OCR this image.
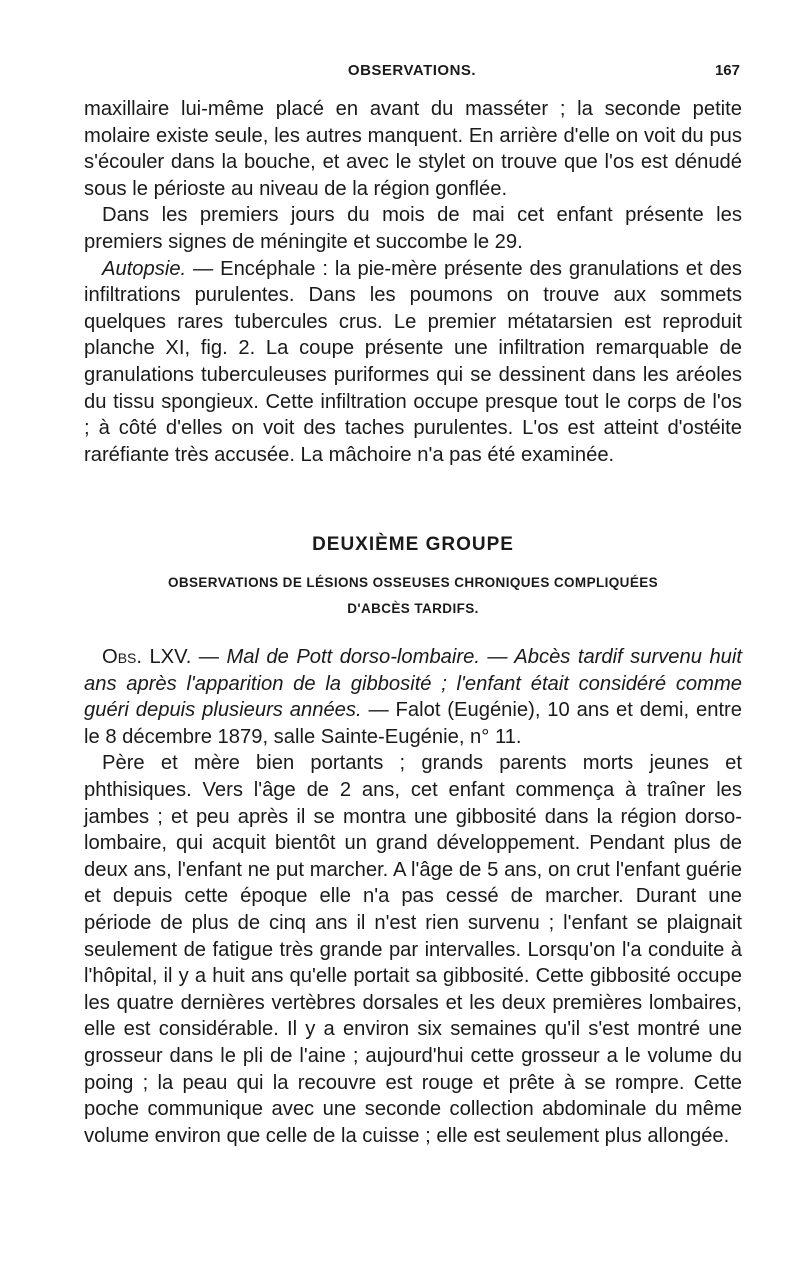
OBSERVATIONS.	167

maxillaire lui-même placé en avant du masséter ; la seconde petite molaire existe seule, les autres manquent. En arrière d'elle on voit du pus s'écouler dans la bouche, et avec le stylet on trouve que l'os est dénudé sous le périoste au niveau de la région gonflée.

Dans les premiers jours du mois de mai cet enfant présente les premiers signes de méningite et succombe le 29.

Autopsie. — Encéphale : la pie-mère présente des granulations et des infiltrations purulentes. Dans les poumons on trouve aux sommets quelques rares tubercules crus. Le premier métatarsien est reproduit planche XI, fig. 2. La coupe présente une infiltration remarquable de granulations tuberculeuses puriformes qui se dessinent dans les aréoles du tissu spongieux. Cette infiltration occupe presque tout le corps de l'os ; à côté d'elles on voit des taches purulentes. L'os est atteint d'ostéite raréfiante très accusée. La mâchoire n'a pas été examinée.

DEUXIÈME GROUPE
OBSERVATIONS DE LÉSIONS OSSEUSES CHRONIQUES COMPLIQUÉES
D'ABCÈS TARDIFS.

Obs. LXV. — Mal de Pott dorso-lombaire. — Abcès tardif survenu huit ans après l'apparition de la gibbosité ; l'enfant était considéré comme guéri depuis plusieurs années. — Falot (Eugénie), 10 ans et demi, entre le 8 décembre 1879, salle Sainte-Eugénie, n° 11.

Père et mère bien portants ; grands parents morts jeunes et phthisiques. Vers l'âge de 2 ans, cet enfant commença à traîner les jambes ; et peu après il se montra une gibbosité dans la région dorso-lombaire, qui acquit bientôt un grand développement. Pendant plus de deux ans, l'enfant ne put marcher. A l'âge de 5 ans, on crut l'enfant guérie et depuis cette époque elle n'a pas cessé de marcher. Durant une période de plus de cinq ans il n'est rien survenu ; l'enfant se plaignait seulement de fatigue très grande par intervalles. Lorsqu'on l'a conduite à l'hôpital, il y a huit ans qu'elle portait sa gibbosité. Cette gibbosité occupe les quatre dernières vertèbres dorsales et les deux premières lombaires, elle est considérable. Il y a environ six semaines qu'il s'est montré une grosseur dans le pli de l'aine ; aujourd'hui cette grosseur a le volume du poing ; la peau qui la recouvre est rouge et prête à se rompre. Cette poche communique avec une seconde collection abdominale du même volume environ que celle de la cuisse ; elle est seulement plus allongée.
